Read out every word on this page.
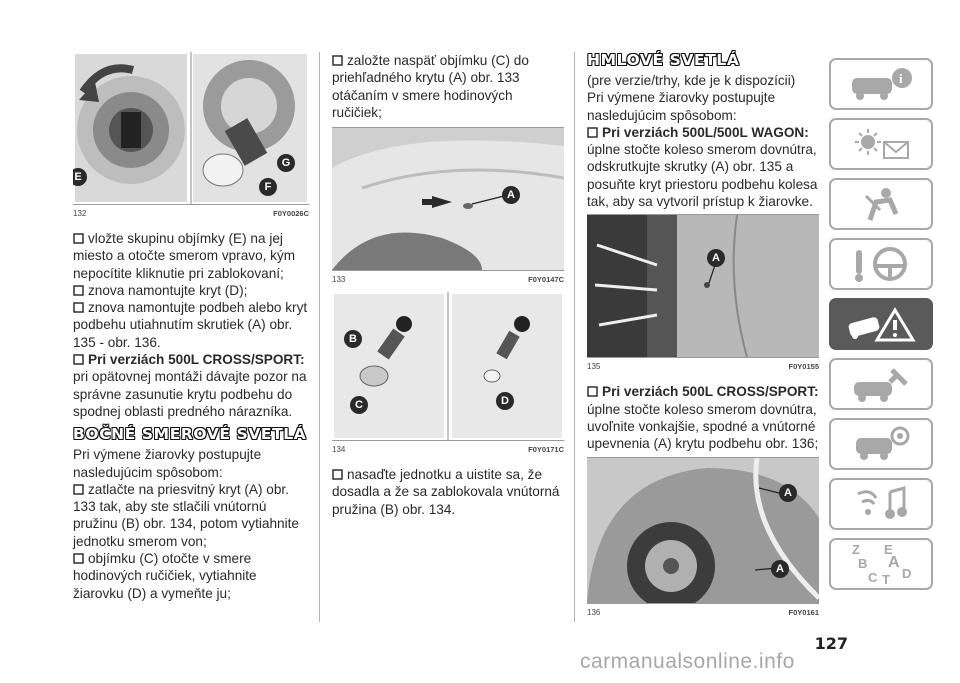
E
F
G
132	F0Y0026C

vložte skupinu objímky (E) na jej miesto a otočte smerom vpravo, kým nepocítite kliknutie pri zablokovaní;

znova namontujte kryt (D);

znova namontujte podbeh alebo kryt podbehu utiahnutím skrutiek (A) obr. 135 - obr. 136.

Pri verziách 500L CROSS/SPORT:

pri opätovnej montáži dávajte pozor na správne zasunutie krytu podbehu do spodnej oblasti predného nárazníka.

BOČNÉ SMEROVÉ SVETLÁ

Pri výmene žiarovky postupujte nasledujúcim spôsobom:

zatlačte na priesvitný kryt (A) obr. 133 tak, aby ste stlačili vnútornú pružinu (B) obr. 134, potom vytiahnite jednotku smerom von;

objímku (C) otočte v smere hodinových ručičiek, vytiahnite žiarovku (D) a vymeňte ju;

založte naspäť objímku (C) do priehľadného krytu (A) obr. 133 otáčaním v smere hodinových ručičiek;

A
133	F0Y0147C
B
C	D
134	F0Y0171C

nasaďte jednotku a uistite sa, že dosadla a že sa zablokovala vnútorná pružina (B) obr. 134.

HMLOVÉ SVETLÁ

(pre verzie/trhy, kde je k dispozícii)

Pri výmene žiarovky postupujte nasledujúcim spôsobom:

Pri verziách 500L/500L WAGON:

úplne stočte koleso smerom dovnútra, odskrutkujte skrutky (A) obr. 135 a posuňte kryt priestoru podbehu kolesa tak, aby sa vytvoril prístup k žiarovke.

A
135	F0Y0155

Pri verziách 500L CROSS/SPORT:

úplne stočte koleso smerom dovnútra, uvoľnite vonkajšie, spodné a vnútorné upevnenia (A) krytu podbehu obr. 136;

A
A
136	F0Y0161
i
Z E
B A
C T D
127
carmanualsonline.info
